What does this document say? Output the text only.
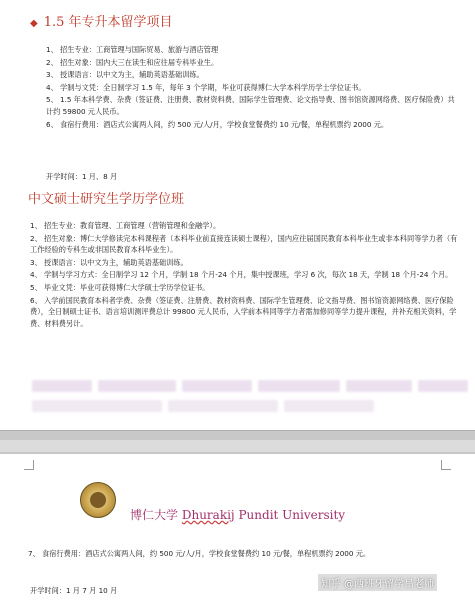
◆ 1.5 年专升本留学项目
1、 招生专业：工商管理与国际贸易、旅游与酒店管理
2、 招生对象：国内大三在读生和应往届专科毕业生。
3、 授课语言：以中文为主，辅助英语基础训练。
4、 学制与文凭：全日制学习 1.5 年，每年 3 个学期，毕业可获得博仁大学本科学历学士学位证书。
5、 1.5 年本科学费、杂费（签证费、注册费、教材资料费、国际学生管理费、论文指导费、图书馆资源网络费、医疗保险费）共计约 59800 元人民币。
6、 食宿行费用：酒店式公寓两人间，约 500 元/人/月，学校食堂餐费约 10 元/餐，单程机票约 2000 元。
开学时间：1 月、8 月
中文硕士研究生学历学位班
1、 招生专业：教育管理、工商管理（营销管理和金融学）。
2、 招生对象：博仁大学修读完本科课程者（本科毕业前直接连读硕士课程），国内应往届国民教育本科毕业生或非本科同等学力者（有工作经验的专科生或非国民教育本科毕业生）。
3、 授课语言：以中文为主，辅助英语基础训练。
4、 学制与学习方式：全日制学习 12 个月，学制 18 个月-24 个月，集中授课班，学习 6 次，每次 18 天，学制 18 个月-24 个月。
5、 毕业文凭：毕业可获得博仁大学硕士学历学位证书。
6、 入学前国民教育本科者学费、杂费（签证费、注册费、教材资料费、国际学生管理费、论文指导费、图书馆资源网络费、医疗保险费），全日制硕士证书、语言培训测评费总计 99800 元人民币，入学前本科同等学力者需加修同等学力提升课程，并补充相关资料，学费、材料费另计。
博仁大学 Dhurakij Pundit University
7、 食宿行费用：酒店式公寓两人间，约 500 元/人/月，学校食堂餐费约 10 元/餐，单程机票约 2000 元。
开学时间：1 月 7 月 10 月
知乎 @西班牙留学吕老师
